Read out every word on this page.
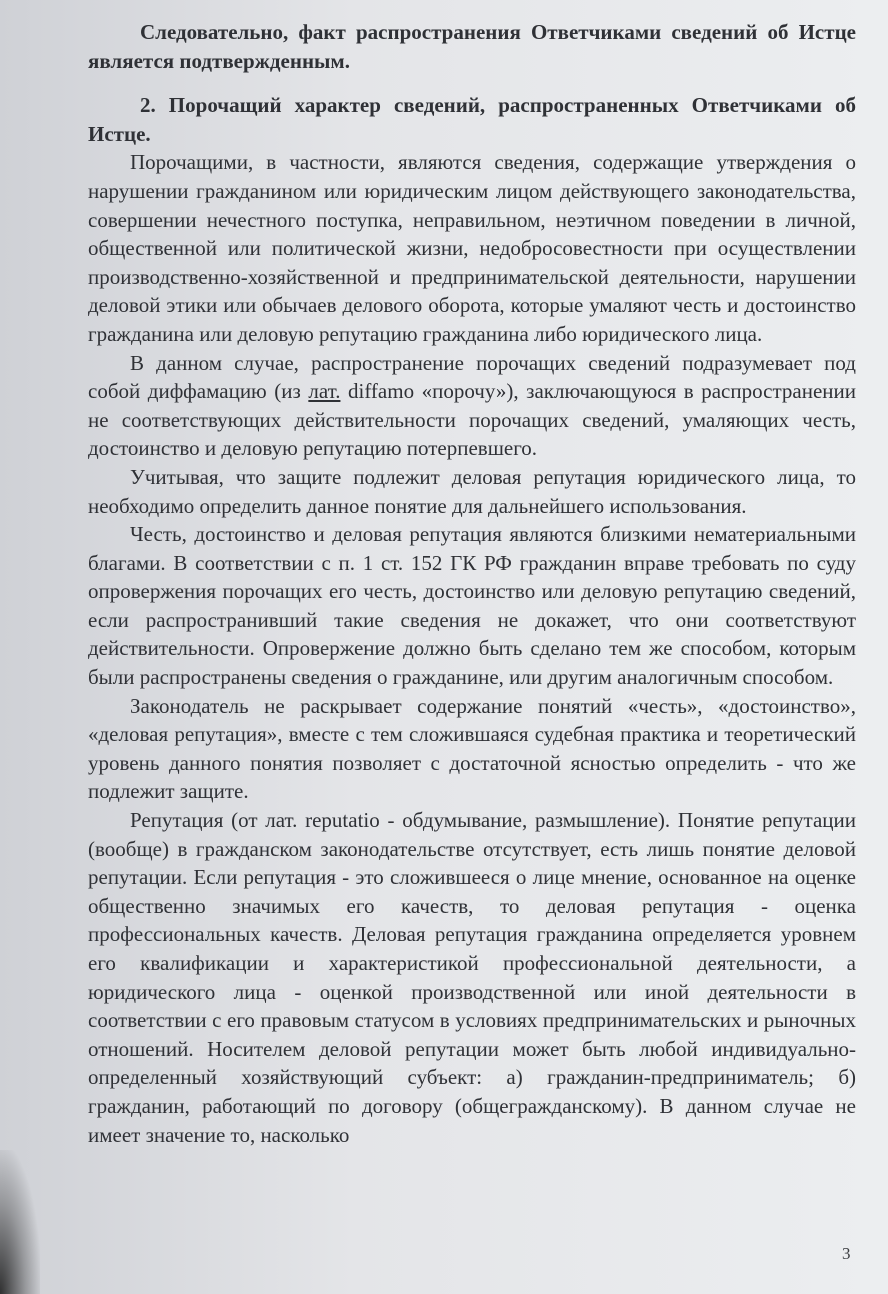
Следовательно, факт распространения Ответчиками сведений об Истце является подтвержденным.

2. Порочащий характер сведений, распространенных Ответчиками об Истце.

Порочащими, в частности, являются сведения, содержащие утверждения о нарушении гражданином или юридическим лицом действующего законодательства, совершении нечестного поступка, неправильном, неэтичном поведении в личной, общественной или политической жизни, недобросовестности при осуществлении производственно-хозяйственной и предпринимательской деятельности, нарушении деловой этики или обычаев делового оборота, которые умаляют честь и достоинство гражданина или деловую репутацию гражданина либо юридического лица.

В данном случае, распространение порочащих сведений подразумевает под собой диффамацию (из лат. diffamo «порочу»), заключающуюся в распространении не соответствующих действительности порочащих сведений, умаляющих честь, достоинство и деловую репутацию потерпевшего.

Учитывая, что защите подлежит деловая репутация юридического лица, то необходимо определить данное понятие для дальнейшего использования.

Честь, достоинство и деловая репутация являются близкими нематериальными благами. В соответствии с п. 1 ст. 152 ГК РФ гражданин вправе требовать по суду опровержения порочащих его честь, достоинство или деловую репутацию сведений, если распространивший такие сведения не докажет, что они соответствуют действительности. Опровержение должно быть сделано тем же способом, которым были распространены сведения о гражданине, или другим аналогичным способом.

Законодатель не раскрывает содержание понятий «честь», «достоинство», «деловая репутация», вместе с тем сложившаяся судебная практика и теоретический уровень данного понятия позволяет с достаточной ясностью определить - что же подлежит защите.

Репутация (от лат. reputatio - обдумывание, размышление). Понятие репутации (вообще) в гражданском законодательстве отсутствует, есть лишь понятие деловой репутации. Если репутация - это сложившееся о лице мнение, основанное на оценке общественно значимых его качеств, то деловая репутация - оценка профессиональных качеств. Деловая репутация гражданина определяется уровнем его квалификации и характеристикой профессиональной деятельности, а юридического лица - оценкой производственной или иной деятельности в соответствии с его правовым статусом в условиях предпринимательских и рыночных отношений. Носителем деловой репутации может быть любой индивидуально-определенный хозяйствующий субъект: а) гражданин-предприниматель; б) гражданин, работающий по договору (общегражданскому). В данном случае не имеет значение то, насколько

3
